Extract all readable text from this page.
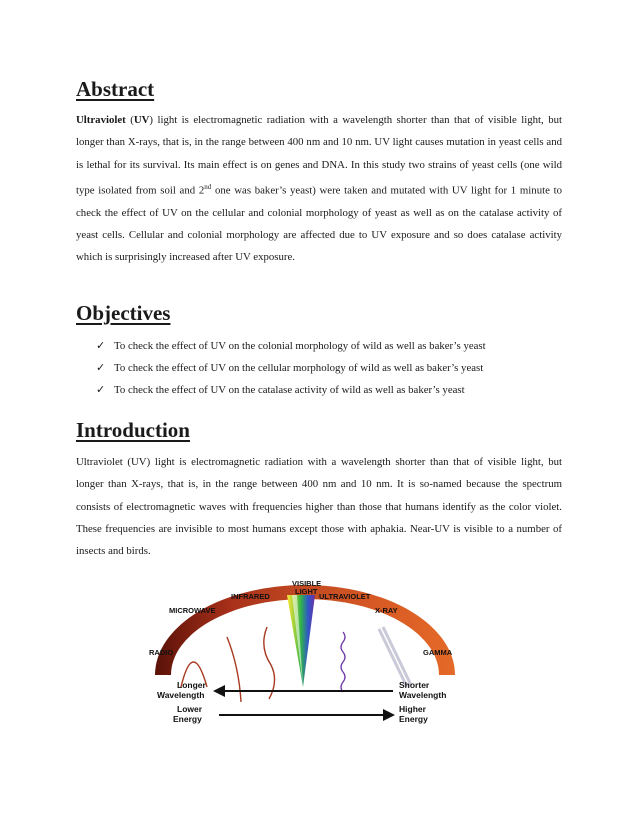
Abstract

Ultraviolet (UV) light is electromagnetic radiation with a wavelength shorter than that of visible light, but longer than X-rays, that is, in the range between 400 nm and 10 nm. UV light causes mutation in yeast cells and is lethal for its survival. Its main effect is on genes and DNA. In this study two strains of yeast cells (one wild type isolated from soil and 2nd one was baker’s yeast) were taken and mutated with UV light for 1 minute to check the effect of UV on the cellular and colonial morphology of yeast as well as on the catalase activity of yeast cells. Cellular and colonial morphology are affected due to UV exposure and so does catalase activity which is surprisingly increased after UV exposure.

Objectives
✓ To check the effect of UV on the colonial morphology of wild as well as baker’s yeast
✓ To check the effect of UV on the cellular morphology of wild as well as baker’s yeast
✓ To check the effect of UV on the catalase activity of wild as well as baker’s yeast
Introduction

Ultraviolet (UV) light is electromagnetic radiation with a wavelength shorter than that of visible light, but longer than X-rays, that is, in the range between 400 nm and 10 nm. It is so-named because the spectrum consists of electromagnetic waves with frequencies higher than those that humans identify as the color violet. These frequencies are invisible to most humans except those with aphakia. Near-UV is visible to a number of insects and birds.

RADIO
MICROWAVE
INFRARED
VISIBLE
LIGHT
ULTRAVIOLET
X-RAY
GAMMA
Longer
Wavelength
Lower
Energy
Shorter
Wavelength
Higher
Energy
